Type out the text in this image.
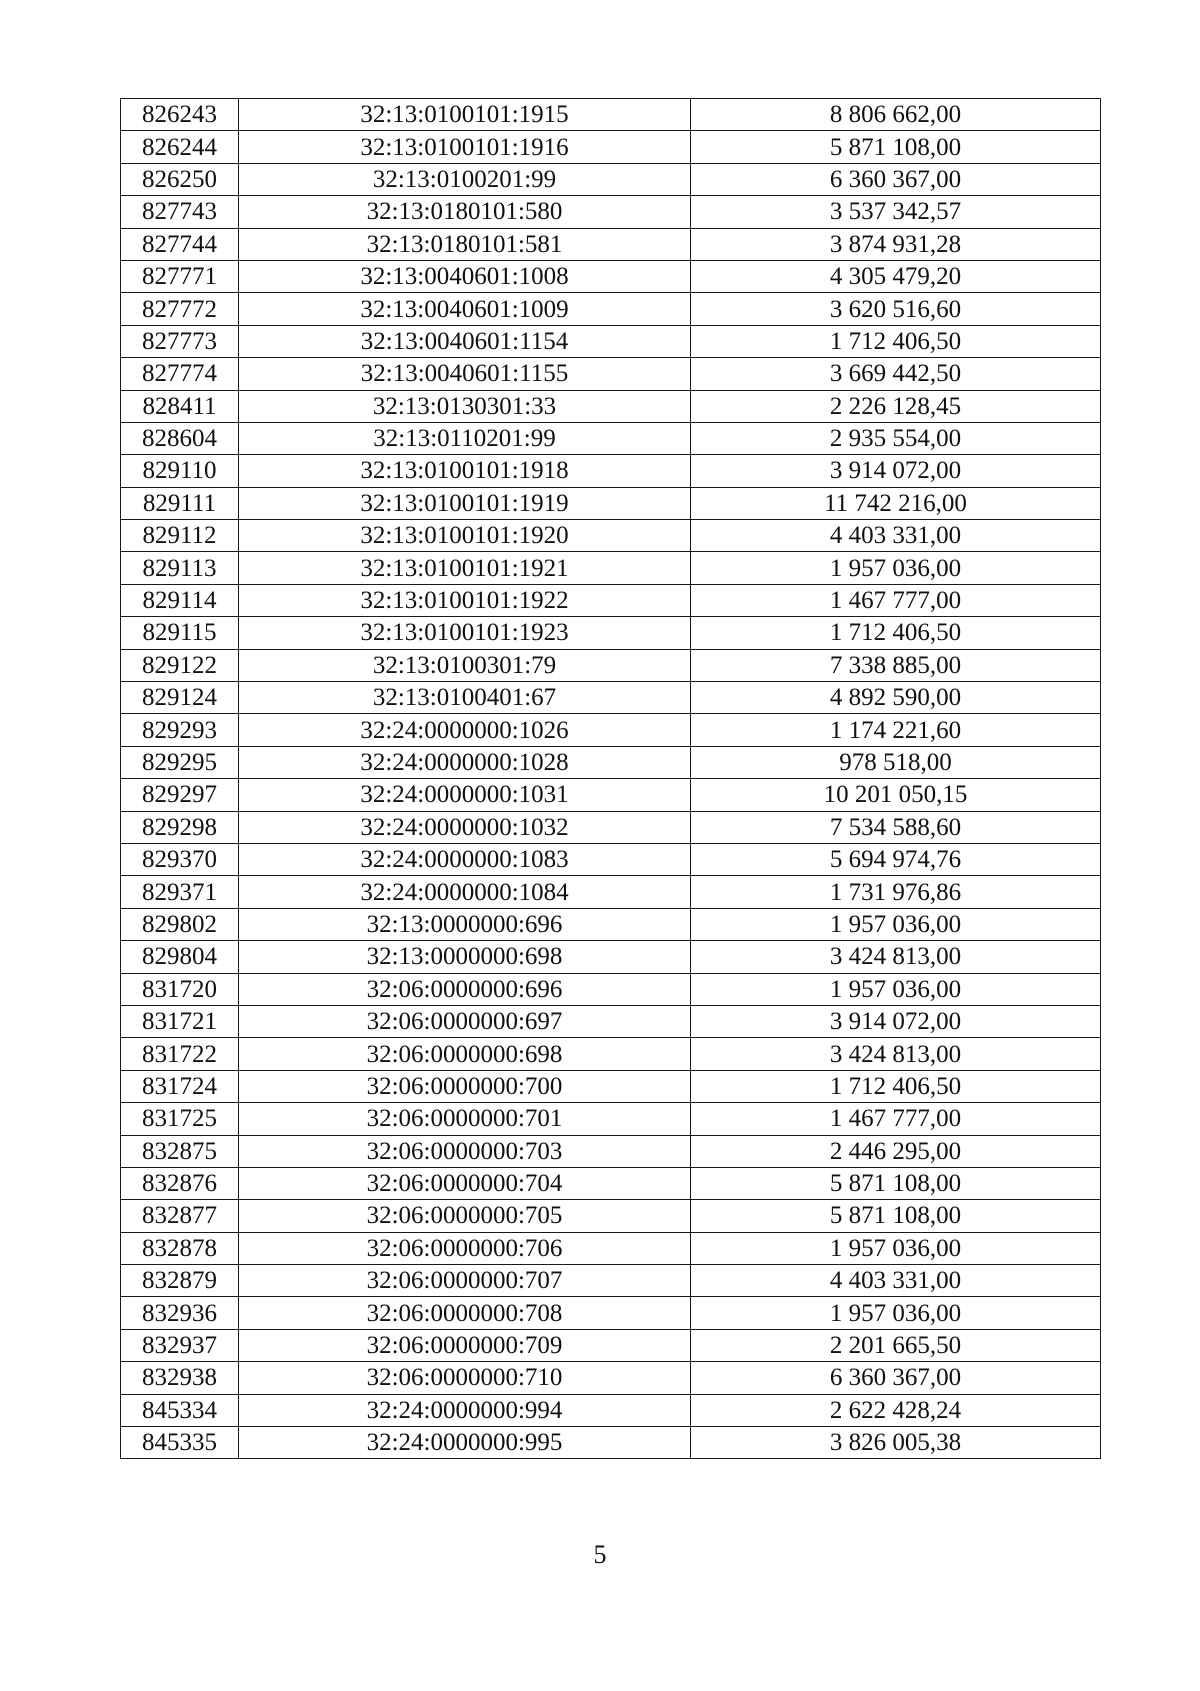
826243	32:13:0100101:1915	8 806 662,00
826244	32:13:0100101:1916	5 871 108,00
826250	32:13:0100201:99	6 360 367,00
827743	32:13:0180101:580	3 537 342,57
827744	32:13:0180101:581	3 874 931,28
827771	32:13:0040601:1008	4 305 479,20
827772	32:13:0040601:1009	3 620 516,60
827773	32:13:0040601:1154	1 712 406,50
827774	32:13:0040601:1155	3 669 442,50
828411	32:13:0130301:33	2 226 128,45
828604	32:13:0110201:99	2 935 554,00
829110	32:13:0100101:1918	3 914 072,00
829111	32:13:0100101:1919	11 742 216,00
829112	32:13:0100101:1920	4 403 331,00
829113	32:13:0100101:1921	1 957 036,00
829114	32:13:0100101:1922	1 467 777,00
829115	32:13:0100101:1923	1 712 406,50
829122	32:13:0100301:79	7 338 885,00
829124	32:13:0100401:67	4 892 590,00
829293	32:24:0000000:1026	1 174 221,60
829295	32:24:0000000:1028	978 518,00
829297	32:24:0000000:1031	10 201 050,15
829298	32:24:0000000:1032	7 534 588,60
829370	32:24:0000000:1083	5 694 974,76
829371	32:24:0000000:1084	1 731 976,86
829802	32:13:0000000:696	1 957 036,00
829804	32:13:0000000:698	3 424 813,00
831720	32:06:0000000:696	1 957 036,00
831721	32:06:0000000:697	3 914 072,00
831722	32:06:0000000:698	3 424 813,00
831724	32:06:0000000:700	1 712 406,50
831725	32:06:0000000:701	1 467 777,00
832875	32:06:0000000:703	2 446 295,00
832876	32:06:0000000:704	5 871 108,00
832877	32:06:0000000:705	5 871 108,00
832878	32:06:0000000:706	1 957 036,00
832879	32:06:0000000:707	4 403 331,00
832936	32:06:0000000:708	1 957 036,00
832937	32:06:0000000:709	2 201 665,50
832938	32:06:0000000:710	6 360 367,00
845334	32:24:0000000:994	2 622 428,24
845335	32:24:0000000:995	3 826 005,38
5
